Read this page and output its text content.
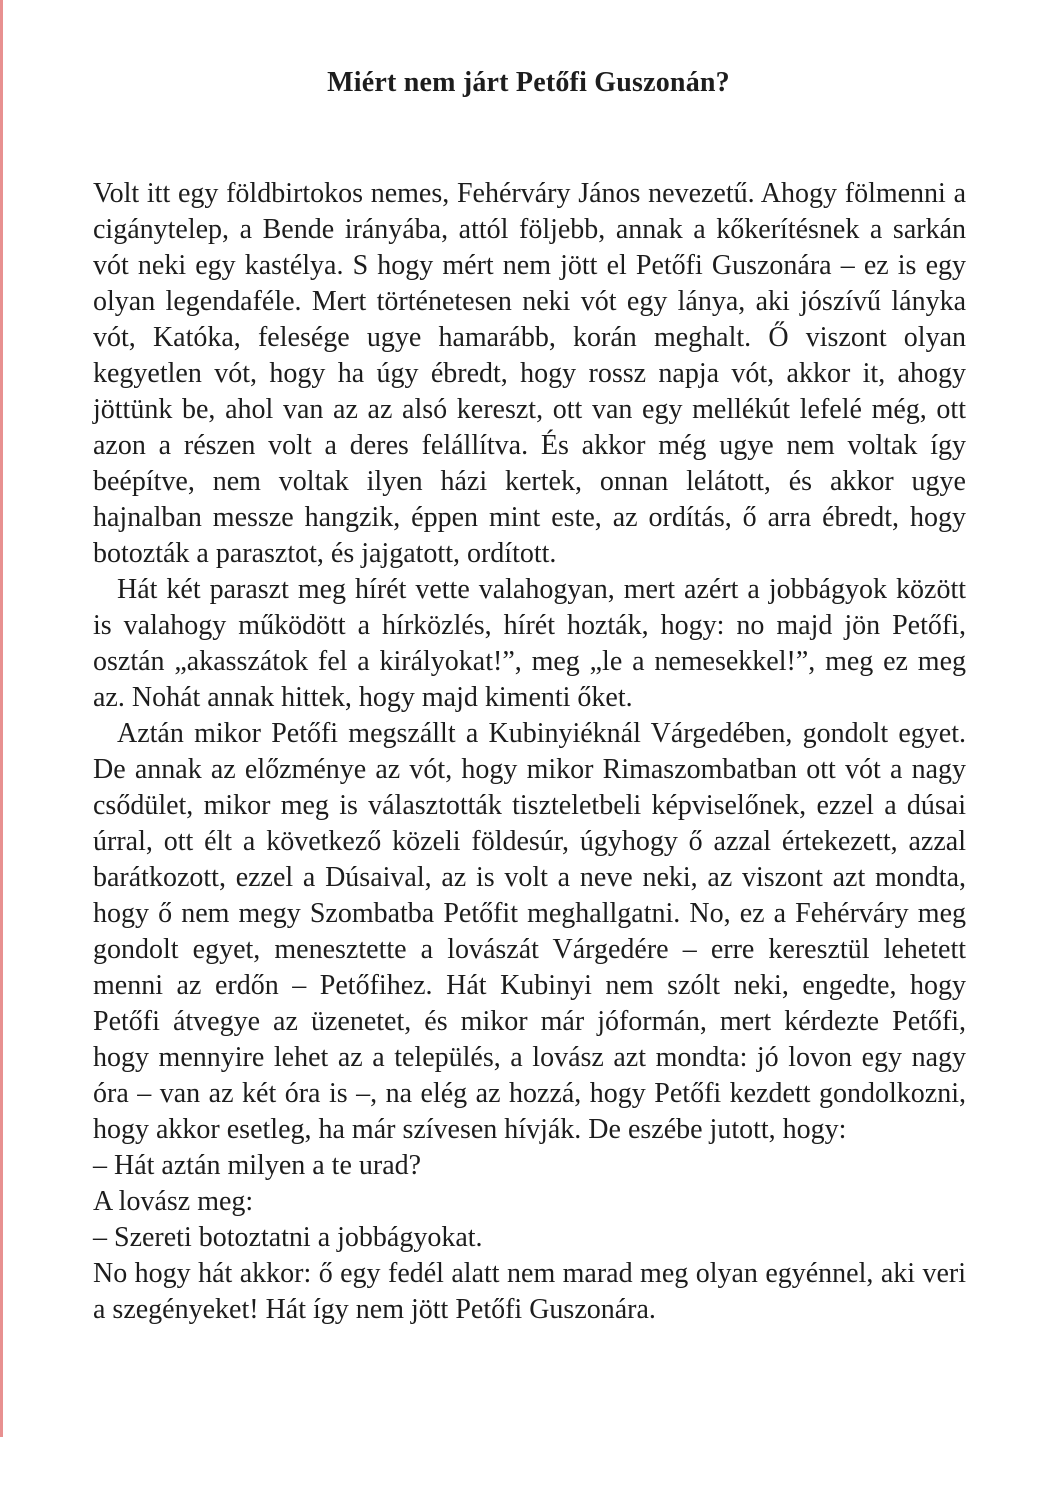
Miért nem járt Petőfi Guszonán?

Volt itt egy földbirtokos nemes, Fehérváry János nevezetű. Ahogy fölmenni a cigánytelep, a Bende irányába, attól följebb, annak a kőkerítésnek a sarkán vót neki egy kastélya. S hogy mért nem jött el Petőfi Guszonára – ez is egy olyan legendaféle. Mert történetesen neki vót egy lánya, aki jószívű lányka vót, Katóka, felesége ugye hamarább, korán meghalt. Ő viszont olyan kegyetlen vót, hogy ha úgy ébredt, hogy rossz napja vót, akkor it, ahogy jöttünk be, ahol van az az alsó kereszt, ott van egy mellékút lefelé még, ott azon a részen volt a deres felállítva. És akkor még ugye nem voltak így beépítve, nem voltak ilyen házi kertek, onnan lelátott, és akkor ugye hajnalban messze hangzik, éppen mint este, az ordítás, ő arra ébredt, hogy botozták a parasztot, és jajgatott, ordított.

Hát két paraszt meg hírét vette valahogyan, mert azért a jobbágyok között is valahogy működött a hírközlés, hírét hozták, hogy: no majd jön Petőfi, osztán „akasszátok fel a királyokat!”, meg „le a nemesekkel!”, meg ez meg az. Nohát annak hittek, hogy majd kimenti őket.

Aztán mikor Petőfi megszállt a Kubinyiéknál Várgedében, gondolt egyet. De annak az előzménye az vót, hogy mikor Rimaszombatban ott vót a nagy csődület, mikor meg is választották tiszteletbeli képviselőnek, ezzel a dúsai úrral, ott élt a következő közeli földesúr, úgyhogy ő azzal értekezett, azzal barátkozott, ezzel a Dúsaival, az is volt a neve neki, az viszont azt mondta, hogy ő nem megy Szombatba Petőfit meghallgatni. No, ez a Fehérváry meg gondolt egyet, menesztette a lovászát Várgedére – erre keresztül lehetett menni az erdőn – Petőfihez. Hát Kubinyi nem szólt neki, engedte, hogy Petőfi átvegye az üzenetet, és mikor már jóformán, mert kérdezte Petőfi, hogy mennyire lehet az a település, a lovász azt mondta: jó lovon egy nagy óra – van az két óra is –, na elég az hozzá, hogy Petőfi kezdett gondolkozni, hogy akkor esetleg, ha már szívesen hívják. De eszébe jutott, hogy:

– Hát aztán milyen a te urad?

A lovász meg:

– Szereti botoztatni a jobbágyokat.

No hogy hát akkor: ő egy fedél alatt nem marad meg olyan egyénnel, aki veri a szegényeket! Hát így nem jött Petőfi Guszonára.
